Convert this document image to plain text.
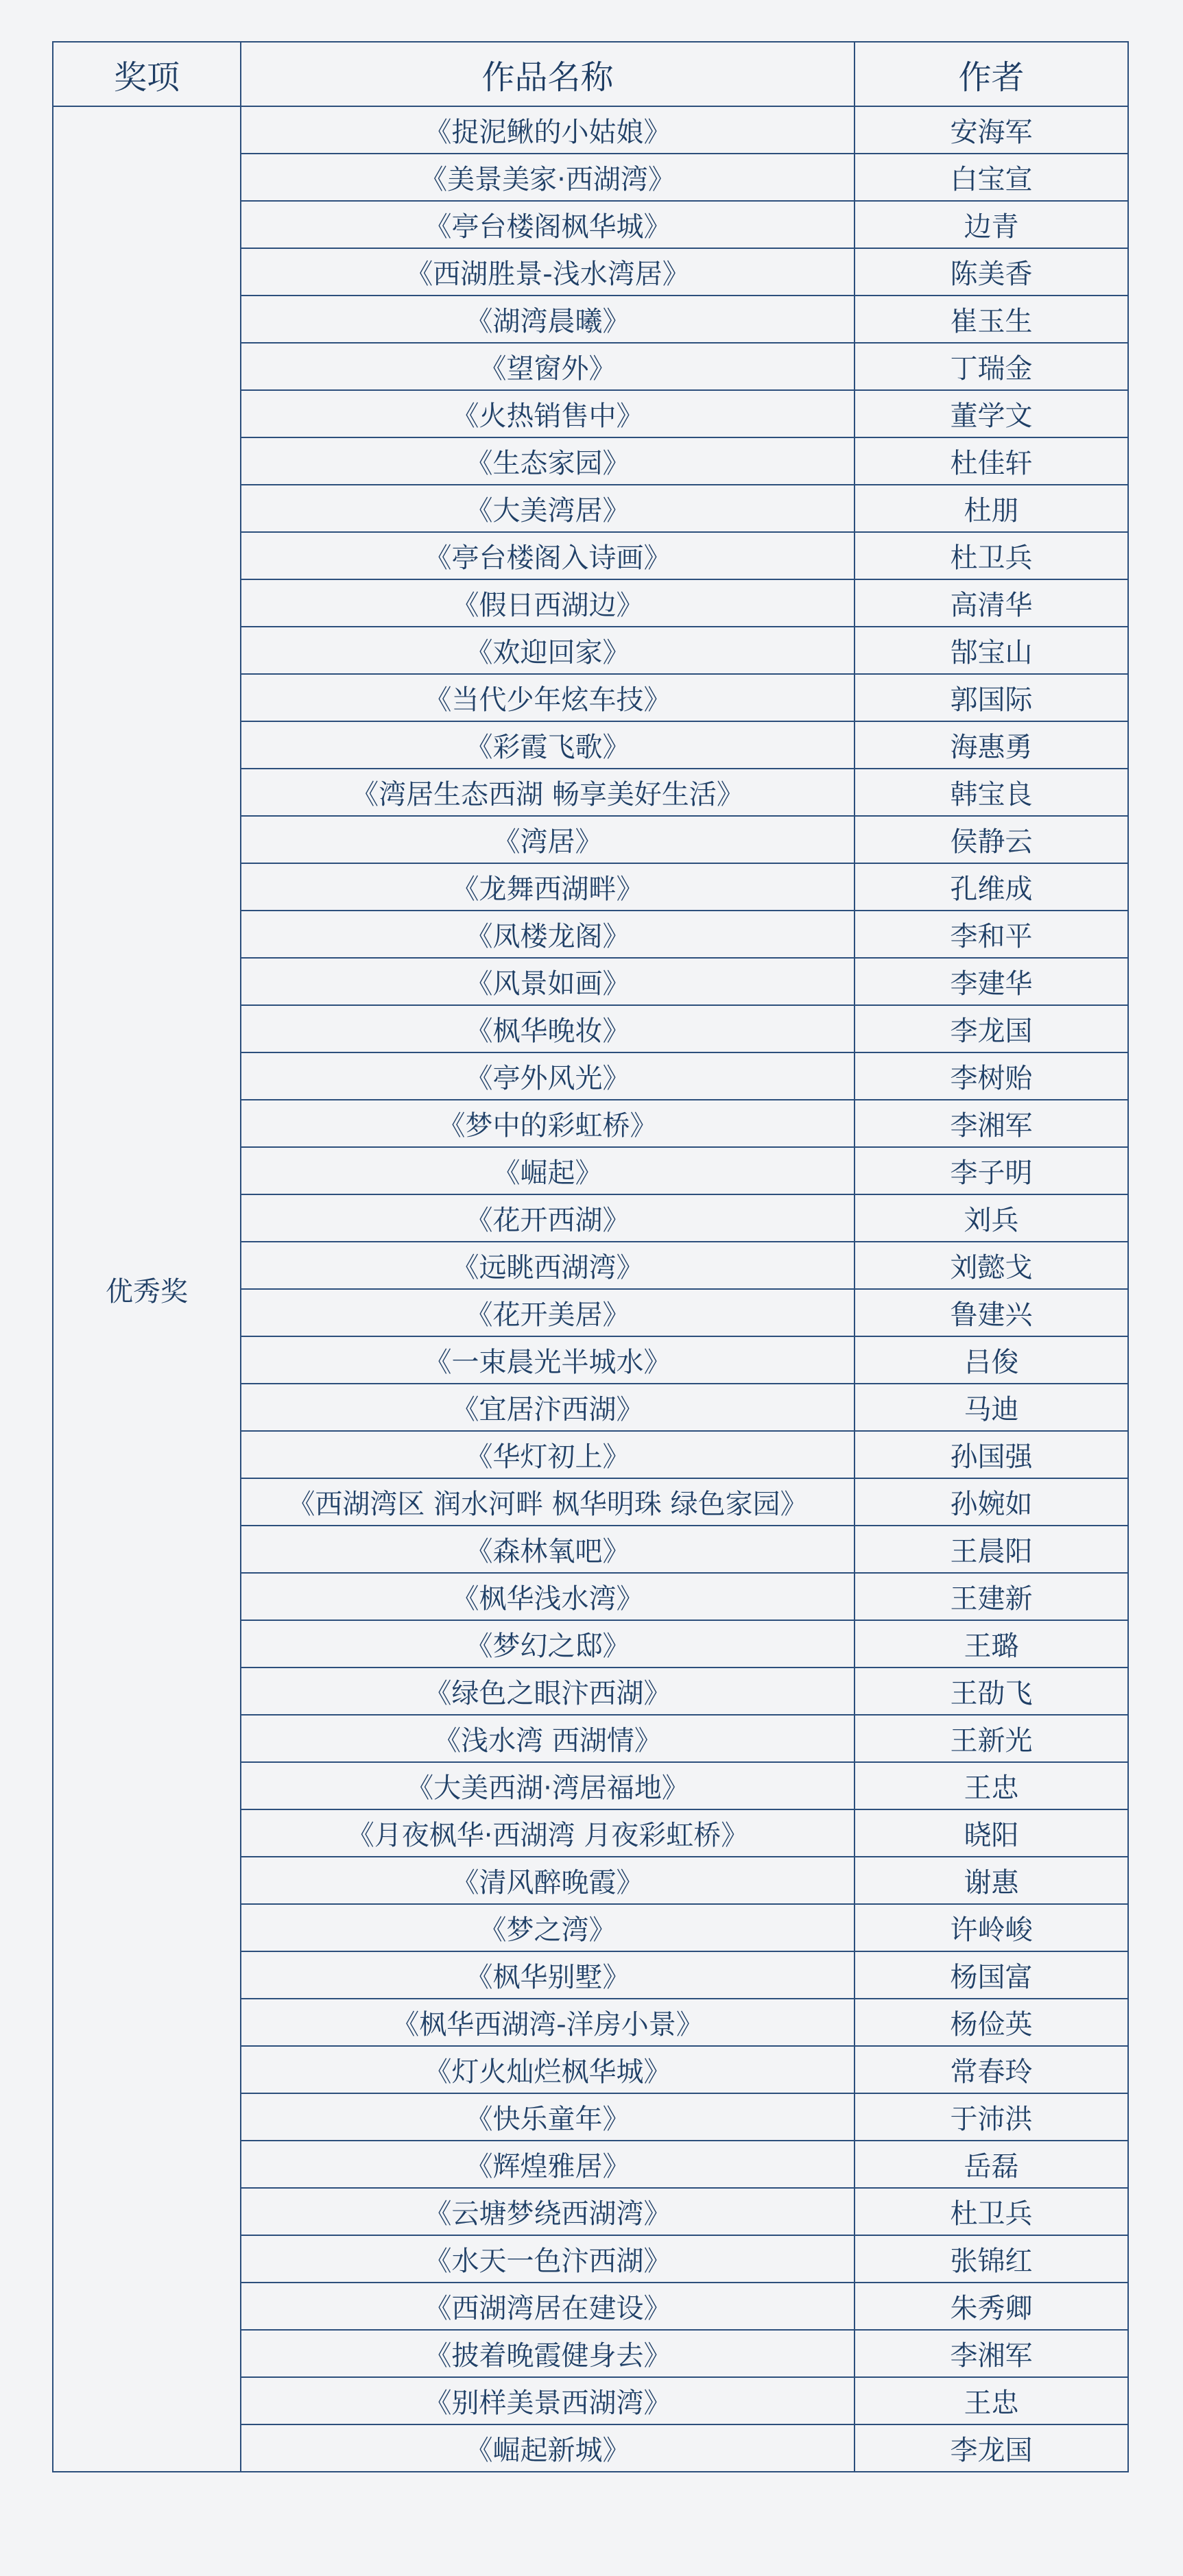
奖项	作品名称	作者
优秀奖	《捉泥鳅的小姑娘》	安海军
	《美景美家·西湖湾》	白宝宣
	《亭台楼阁枫华城》	边青
	《西湖胜景-浅水湾居》	陈美香
	《湖湾晨曦》	崔玉生
	《望窗外》	丁瑞金
	《火热销售中》	董学文
	《生态家园》	杜佳轩
	《大美湾居》	杜朋
	《亭台楼阁入诗画》	杜卫兵
	《假日西湖边》	高清华
	《欢迎回家》	郜宝山
	《当代少年炫车技》	郭国际
	《彩霞飞歌》	海惠勇
	《湾居生态西湖 畅享美好生活》	韩宝良
	《湾居》	侯静云
	《龙舞西湖畔》	孔维成
	《凤楼龙阁》	李和平
	《风景如画》	李建华
	《枫华晚妆》	李龙国
	《亭外风光》	李树贻
	《梦中的彩虹桥》	李湘军
	《崛起》	李子明
	《花开西湖》	刘兵
	《远眺西湖湾》	刘懿戈
	《花开美居》	鲁建兴
	《一束晨光半城水》	吕俊
	《宜居汴西湖》	马迪
	《华灯初上》	孙国强
	《西湖湾区 润水河畔 枫华明珠 绿色家园》	孙婉如
	《森林氧吧》	王晨阳
	《枫华浅水湾》	王建新
	《梦幻之邸》	王璐
	《绿色之眼汴西湖》	王劭飞
	《浅水湾 西湖情》	王新光
	《大美西湖·湾居福地》	王忠
	《月夜枫华·西湖湾 月夜彩虹桥》	晓阳
	《清风醉晚霞》	谢惠
	《梦之湾》	许岭峻
	《枫华别墅》	杨国富
	《枫华西湖湾-洋房小景》	杨俭英
	《灯火灿烂枫华城》	常春玲
	《快乐童年》	于沛洪
	《辉煌雅居》	岳磊
	《云塘梦绕西湖湾》	杜卫兵
	《水天一色汴西湖》	张锦红
	《西湖湾居在建设》	朱秀卿
	《披着晚霞健身去》	李湘军
	《别样美景西湖湾》	王忠
	《崛起新城》	李龙国
